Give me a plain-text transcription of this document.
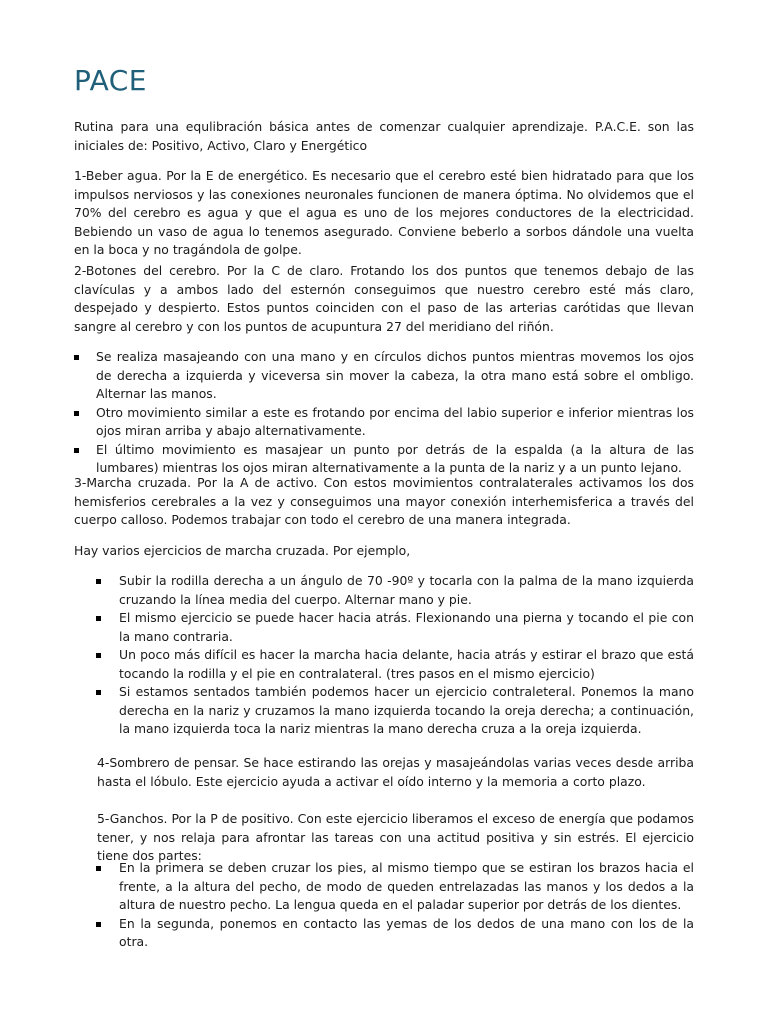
PACE

Rutina para una equlibración básica antes de comenzar cualquier aprendizaje. P.A.C.E. son las iniciales de: Positivo, Activo, Claro y Energético

1-Beber agua. Por la E de energético. Es necesario que el cerebro esté bien hidratado para que los impulsos nerviosos y las conexiones neuronales funcionen de manera óptima. No olvidemos que el 70% del cerebro es agua y que el agua es uno de los mejores conductores de la electricidad. Bebiendo un vaso de agua lo tenemos asegurado. Conviene beberlo a sorbos dándole una vuelta en la boca y no tragándola de golpe.

2-Botones del cerebro. Por la C de claro. Frotando los dos puntos que tenemos debajo de las clavículas y a ambos lado del esternón conseguimos que nuestro cerebro esté más claro, despejado y despierto. Estos puntos coinciden con el paso de las arterias carótidas que llevan sangre al cerebro y con los puntos de acupuntura 27 del meridiano del riñón.

Se realiza masajeando con una mano y en círculos dichos puntos mientras movemos los ojos de derecha a izquierda y viceversa sin mover la cabeza, la otra mano está sobre el ombligo. Alternar las manos.
Otro movimiento similar a este es frotando por encima del labio superior e inferior mientras los ojos miran arriba y abajo alternativamente.
El último movimiento es masajear un punto por detrás de la espalda (a la altura de las lumbares) mientras los ojos miran alternativamente a la punta de la nariz y a un punto lejano.

3-Marcha cruzada. Por la A de activo. Con estos movimientos contralaterales activamos los dos hemisferios cerebrales a la vez y conseguimos una mayor conexión interhemisferica a través del cuerpo calloso. Podemos trabajar con todo el cerebro de una manera integrada.

Hay varios ejercicios de marcha cruzada. Por ejemplo,

Subir la rodilla derecha a un ángulo de 70 -90º y tocarla con la palma de la mano izquierda cruzando la línea media del cuerpo. Alternar mano y pie.
El mismo ejercicio se puede hacer hacia atrás. Flexionando una pierna y tocando el pie con la mano contraria.
Un poco más difícil es hacer la marcha hacia delante, hacia atrás y estirar el brazo que está tocando la rodilla y el pie en contralateral. (tres pasos en el mismo ejercicio)
Si estamos sentados también podemos hacer un ejercicio contraleteral. Ponemos la mano derecha en la nariz y cruzamos la mano izquierda tocando la oreja derecha; a continuación, la mano izquierda toca la nariz mientras la mano derecha cruza a la oreja izquierda.

4-Sombrero de pensar. Se hace estirando las orejas y masajeándolas varias veces desde arriba hasta el lóbulo. Este ejercicio ayuda a activar el oído interno y la memoria a corto plazo.

5-Ganchos. Por la P de positivo. Con este ejercicio liberamos el exceso de energía que podamos tener, y nos relaja para afrontar las tareas con una actitud positiva y sin estrés. El ejercicio tiene dos partes:

En la primera se deben cruzar los pies, al mismo tiempo que se estiran los brazos hacia el frente, a la altura del pecho, de modo de queden entrelazadas las manos y los dedos a la altura de nuestro pecho. La lengua queda en el paladar superior por detrás de los dientes.
En la segunda, ponemos en contacto las yemas de los dedos de una mano con los de la otra.
